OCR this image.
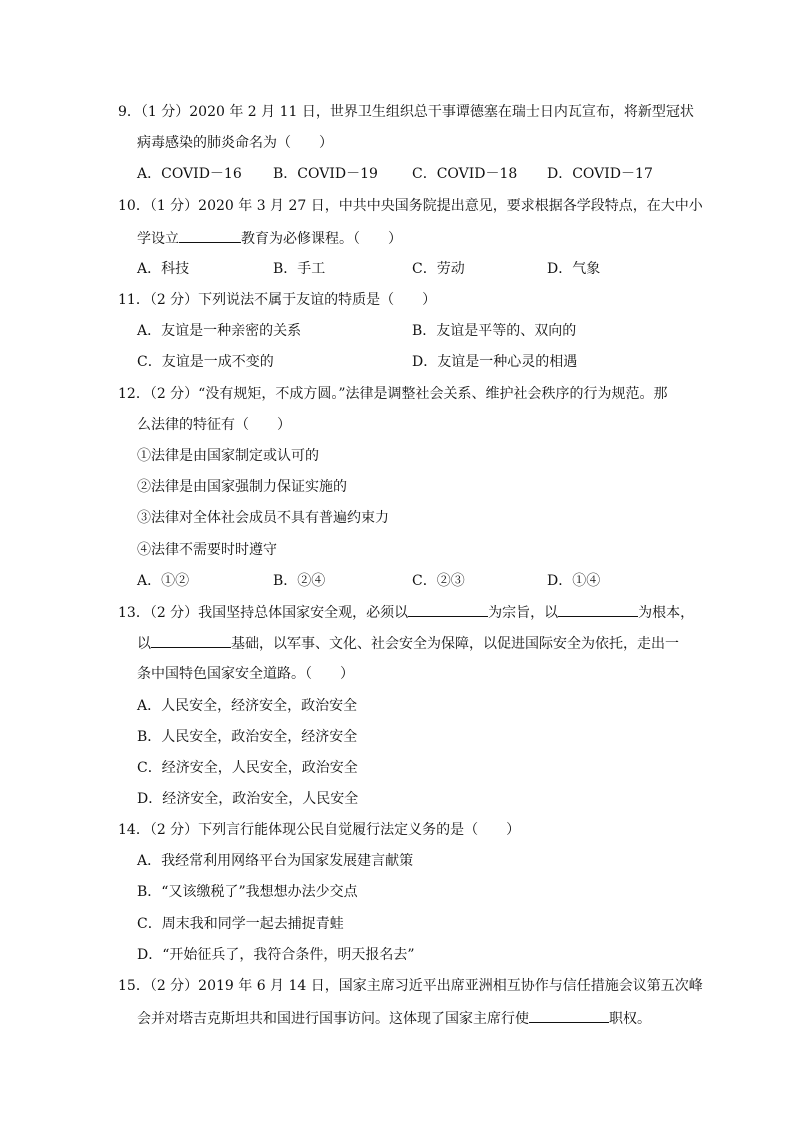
9．（1 分）2020 年 2 月 11 日，世界卫生组织总干事谭德塞在瑞士日内瓦宣布，将新型冠状
病毒感染的肺炎命名为（　　）
A．COVID－16 B．COVID－19 C．COVID－18 D．COVID－17
10．（1 分）2020 年 3 月 27 日，中共中央国务院提出意见，要求根据各学段特点，在大中小
学设立	教育为必修课程。（　　）
A．科技	B．手工	C．劳动	D．气象
11．（2 分）下列说法不属于友谊的特质是（　　）
A．友谊是一种亲密的关系	B．友谊是平等的、双向的
C．友谊是一成不变的	D．友谊是一种心灵的相遇
12．（2 分）“没有规矩，不成方圆。”法律是调整社会关系、维护社会秩序的行为规范。那
么法律的特征有（　　）
①法律是由国家制定或认可的
②法律是由国家强制力保证实施的
③法律对全体社会成员不具有普遍约束力
④法律不需要时时遵守
A．①②	B．②④	C．②③	D．①④
13．（2 分）我国坚持总体国家安全观，必须以	为宗旨，以	为根本，
以	基础，以军事、文化、社会安全为保障，以促进国际安全为依托，走出一
条中国特色国家安全道路。（　　）
A．人民安全，经济安全，政治安全
B．人民安全，政治安全，经济安全
C．经济安全，人民安全，政治安全
D．经济安全，政治安全，人民安全
14．（2 分）下列言行能体现公民自觉履行法定义务的是（　　）
A．我经常利用网络平台为国家发展建言献策
B．“又该缴税了”我想想办法少交点
C．周末我和同学一起去捕捉青蛙
D．“开始征兵了，我符合条件，明天报名去”
15．（2 分）2019 年 6 月 14 日，国家主席习近平出席亚洲相互协作与信任措施会议第五次峰
会并对塔吉克斯坦共和国进行国事访问。这体现了国家主席行使	职权。
